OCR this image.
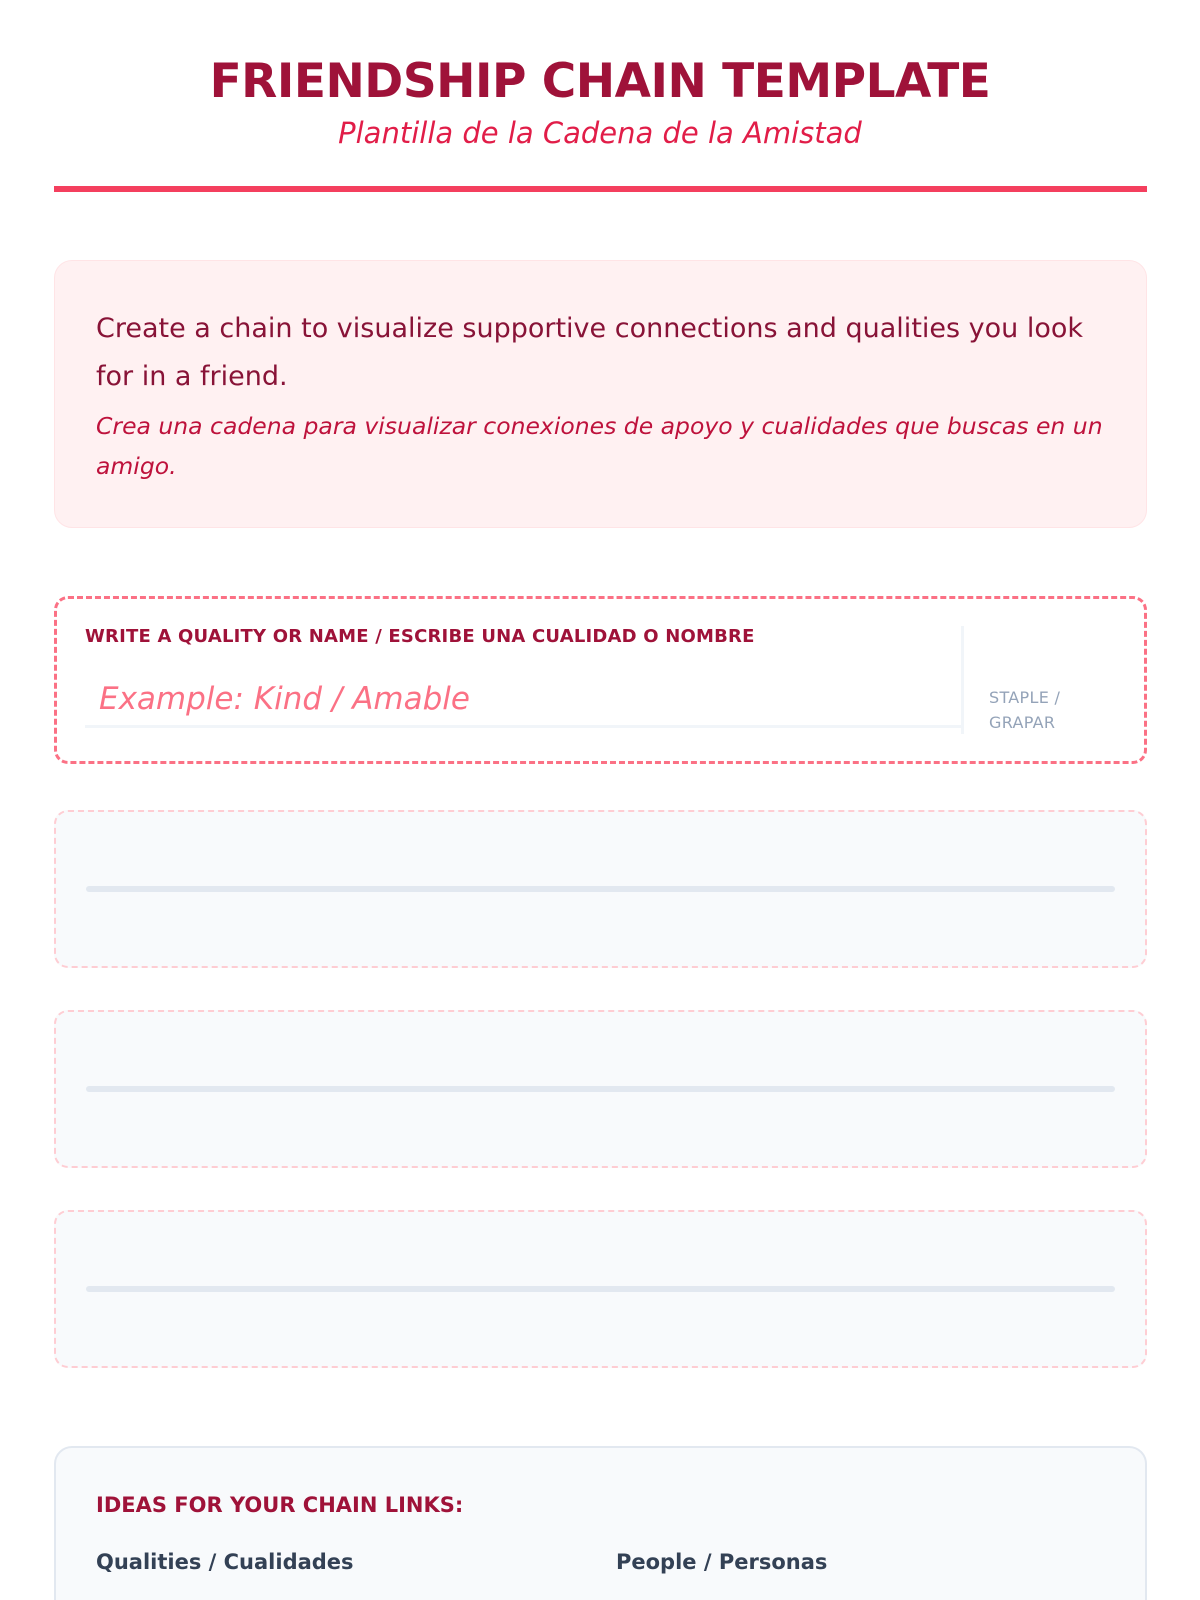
FRIENDSHIP CHAIN TEMPLATE
Plantilla de la Cadena de la Amistad

Create a chain to visualize supportive connections and qualities you look for in a friend.

Crea una cadena para visualizar conexiones de apoyo y cualidades que buscas en un amigo.

WRITE A QUALITY OR NAME / ESCRIBE UNA CUALIDAD O NOMBRE

Example: Kind / Amable
STAPLE / GRAPAR

IDEAS FOR YOUR CHAIN LINKS:

Qualities / Cualidades	People / Personas
